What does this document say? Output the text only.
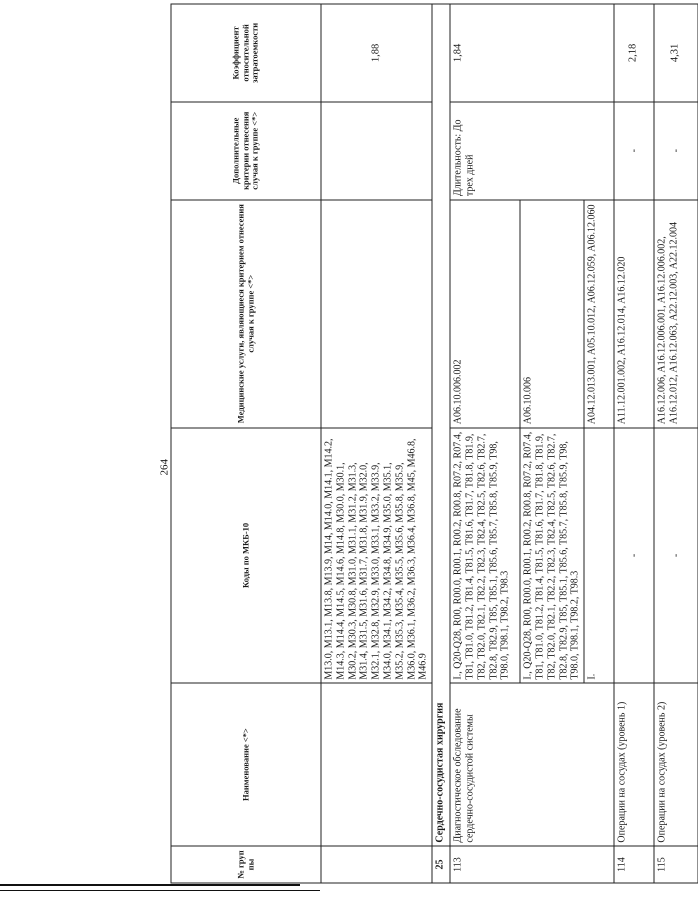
264
№ груп пы	Наименование <*>	Коды по МКБ-10	Медицинские услуги, являющиеся критерием отнесения случая к группе <*>	Дополнительные критерии отнесения случая к группе <*>	Коэффициент относительной затратоемкости
		M13.0, M13.1, M13.8, M13.9, M14, M14.0, M14.1, M14.2, M14.3, M14.4, M14.5, M14.6, M14.8, M30.0, M30.1, M30.2, M30.3, M30.8, M31.0, M31.1, M31.2, M31.3, M31.4, M31.5, M31.6, M31.7, M31.8, M31.9, M32.0, M32.1, M32.8, M32.9, M33.0, M33.1, M33.2, M33.9, M34.0, M34.1, M34.2, M34.8, M34.9, M35.0, M35.1, M35.2, M35.3, M35.4, M35.5, M35.6, M35.8, M35.9, M36.0, M36.1, M36.2, M36.3, M36.4, M36.8, M45, M46.8, M46.9			1,88
25	Сердечно-сосудистая хирургия				
113	Диагностическое обследование сердечно-сосудистой системы	I., Q20-Q28, R00, R00.0, R00.1, R00.2, R00.8, R07.2, R07.4, T81, T81.0, T81.2, T81.4, T81.5, T81.6, T81.7, T81.8, T81.9, T82, T82.0, T82.1, T82.2, T82.3, T82.4, T82.5, T82.6, T82.7, T82.8, T82.9, T85, T85.1, T85.6, T85.7, T85.8, T85.9, T98, T98.0, T98.1, T98.2, T98.3	A06.10.006.002	Длительность: До трех дней	1,84
		I., Q20-Q28, R00, R00.0, R00.1, R00.2, R00.8, R07.2, R07.4, T81, T81.0, T81.2, T81.4, T81.5, T81.6, T81.7, T81.8, T81.9, T82, T82.0, T82.1, T82.2, T82.3, T82.4, T82.5, T82.6, T82.7, T82.8, T82.9, T85, T85.1, T85.6, T85.7, T85.8, T85.9, T98, T98.0, T98.1, T98.2, T98.3	A06.10.006		
		I.	A04.12.013.001, A05.10.012, A06.12.059, A06.12.060		
114	Операции на сосудах (уровень 1)	-	A11.12.001.002, A16.12.014, A16.12.020	-	2,18
115	Операции на сосудах (уровень 2)	-	A16.12.006, A16.12.006.001, A16.12.006.002, A16.12.012, A16.12.063, A22.12.003, A22.12.004	-	4,31
